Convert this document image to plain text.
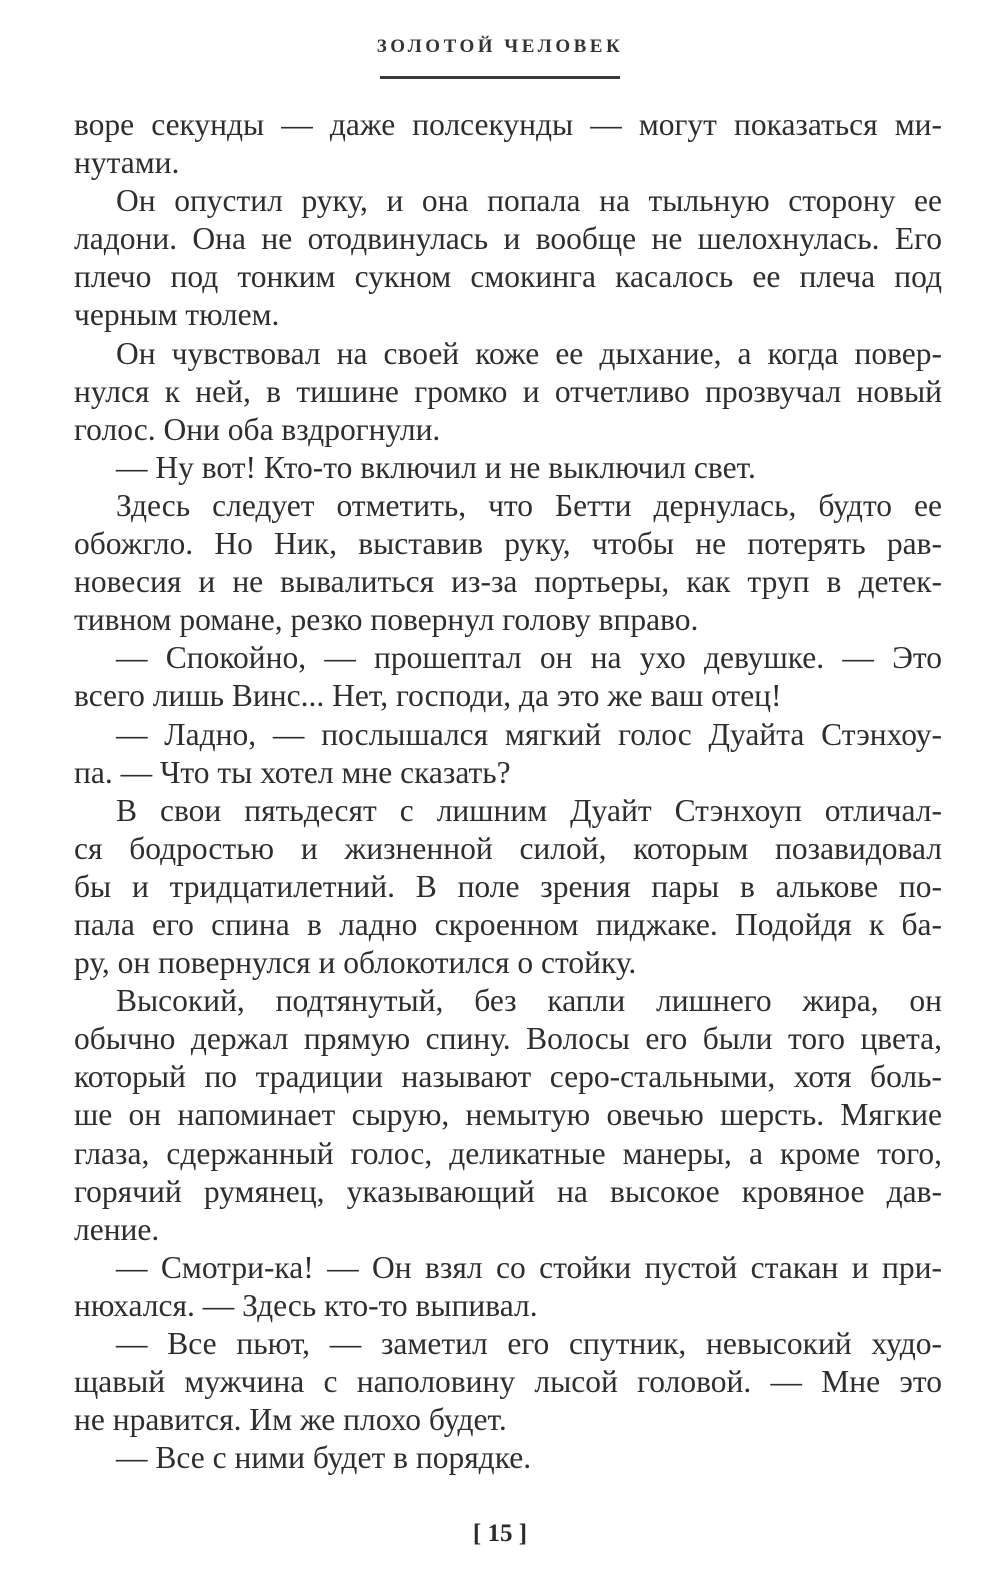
ЗОЛОТОЙ ЧЕЛОВЕК
воре секунды — даже полсекунды — могут показаться ми-
нутами.
Он опустил руку, и она попала на тыльную сторону ее
ладони. Она не отодвинулась и вообще не шелохнулась. Его
плечо под тонким сукном смокинга касалось ее плеча под
черным тюлем.
Он чувствовал на своей коже ее дыхание, а когда повер-
нулся к ней, в тишине громко и отчетливо прозвучал новый
голос. Они оба вздрогнули.
— Ну вот! Кто-то включил и не выключил свет.
Здесь следует отметить, что Бетти дернулась, будто ее
обожгло. Но Ник, выставив руку, чтобы не потерять рав-
новесия и не вывалиться из-за портьеры, как труп в детек-
тивном романе, резко повернул голову вправо.
— Спокойно, — прошептал он на ухо девушке. — Это
всего лишь Винс... Нет, господи, да это же ваш отец!
— Ладно, — послышался мягкий голос Дуайта Стэнхоу-
па. — Что ты хотел мне сказать?
В свои пятьдесят с лишним Дуайт Стэнхоуп отличал-
ся бодростью и жизненной силой, которым позавидовал
бы и тридцатилетний. В поле зрения пары в алькове по-
пала его спина в ладно скроенном пиджаке. Подойдя к ба-
ру, он повернулся и облокотился о стойку.
Высокий, подтянутый, без капли лишнего жира, он
обычно держал прямую спину. Волосы его были того цвета,
который по традиции называют серо-стальными, хотя боль-
ше он напоминает сырую, немытую овечью шерсть. Мягкие
глаза, сдержанный голос, деликатные манеры, а кроме того,
горячий румянец, указывающий на высокое кровяное дав-
ление.
— Смотри-ка! — Он взял со стойки пустой стакан и при-
нюхался. — Здесь кто-то выпивал.
— Все пьют, — заметил его спутник, невысокий худо-
щавый мужчина с наполовину лысой головой. — Мне это
не нравится. Им же плохо будет.
— Все с ними будет в порядке.
[ 15 ]
